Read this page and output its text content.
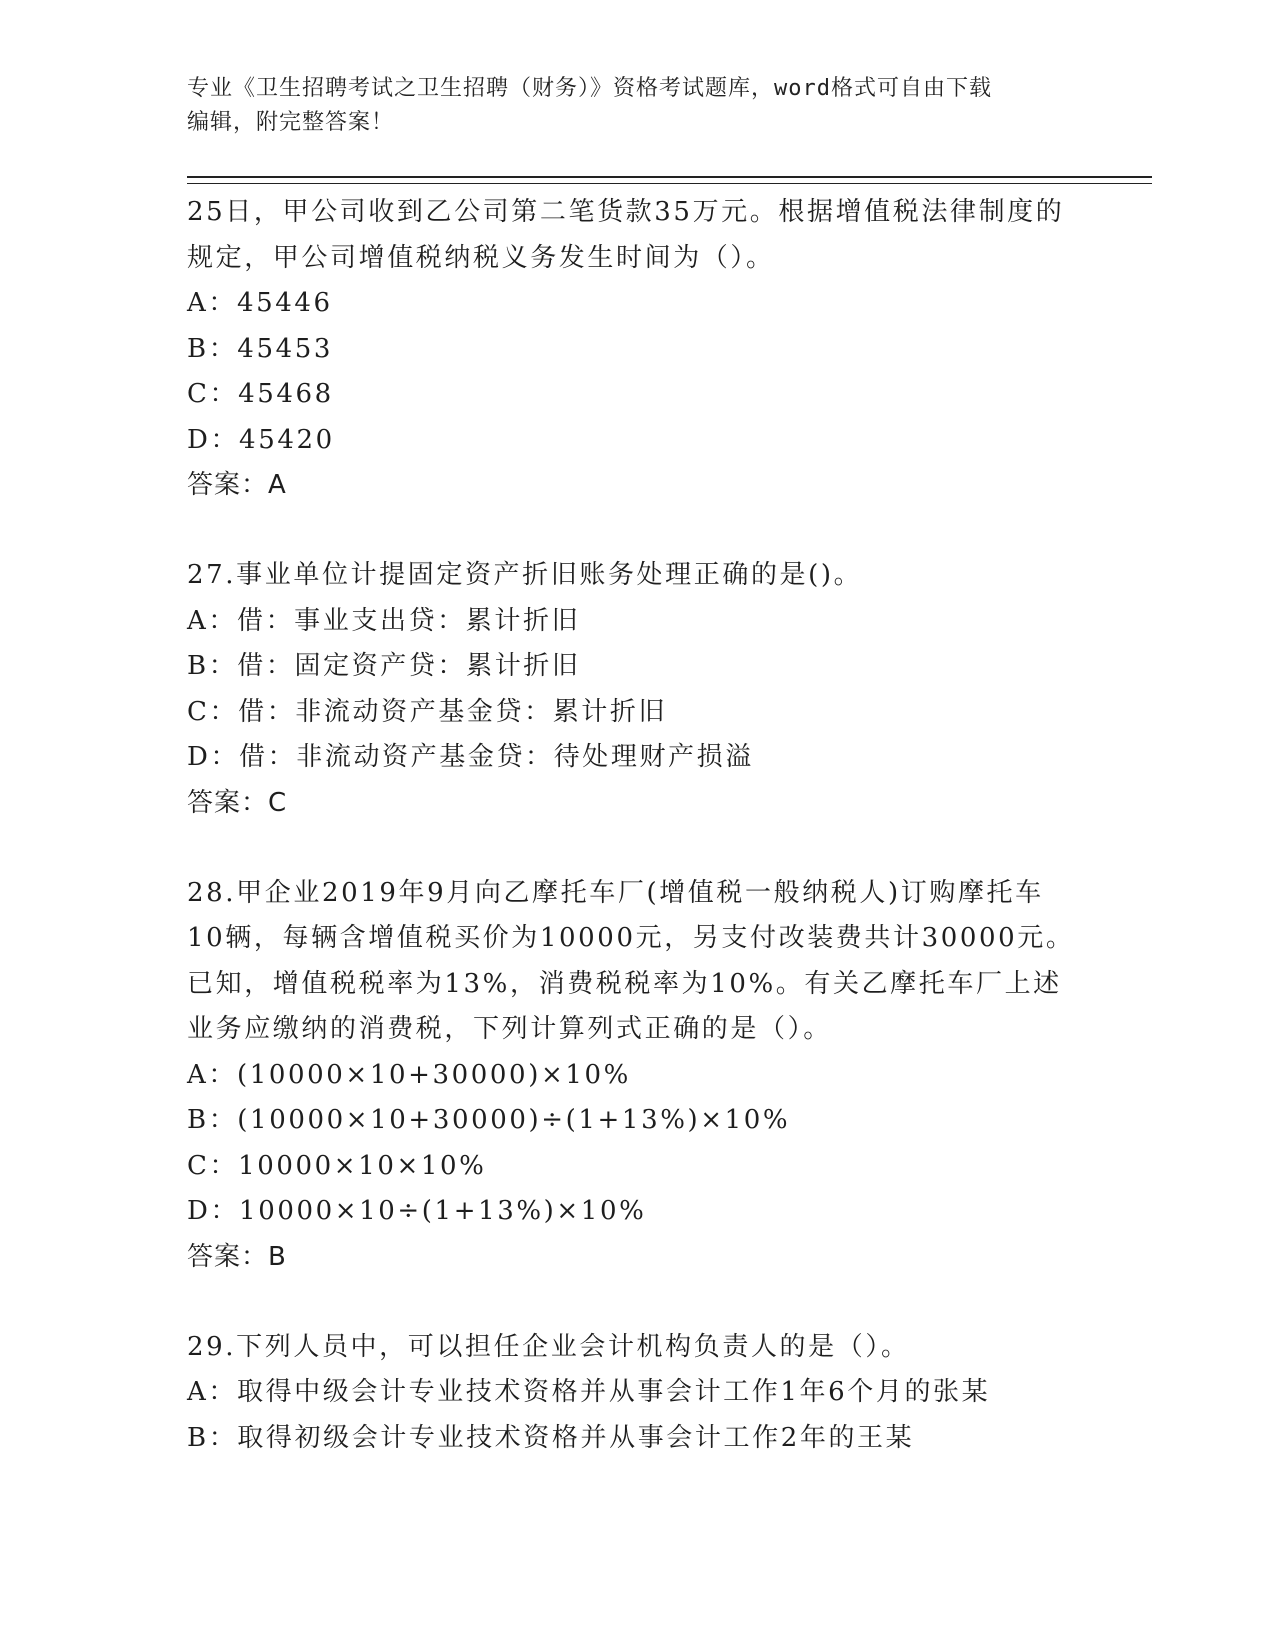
专业《卫生招聘考试之卫生招聘（财务）》资格考试题库，word格式可自由下载

编辑，附完整答案！

25日，甲公司收到乙公司第二笔货款35万元。根据增值税法律制度的
规定，甲公司增值税纳税义务发生时间为（）。
A：45446
B：45453
C：45468
D：45420
答案：A
27.事业单位计提固定资产折旧账务处理正确的是()。
A：借：事业支出贷：累计折旧
B：借：固定资产贷：累计折旧
C：借：非流动资产基金贷：累计折旧
D：借：非流动资产基金贷：待处理财产损溢
答案：C
28.甲企业2019年9月向乙摩托车厂(增值税一般纳税人)订购摩托车
10辆，每辆含增值税买价为10000元，另支付改装费共计30000元。
已知，增值税税率为13%，消费税税率为10%。有关乙摩托车厂上述
业务应缴纳的消费税，下列计算列式正确的是（）。
A：(10000×10+30000)×10%
B：(10000×10+30000)÷(1+13%)×10%
C：10000×10×10%
D：10000×10÷(1+13%)×10%
答案：B
29.下列人员中，可以担任企业会计机构负责人的是（）。
A：取得中级会计专业技术资格并从事会计工作1年6个月的张某
B：取得初级会计专业技术资格并从事会计工作2年的王某
